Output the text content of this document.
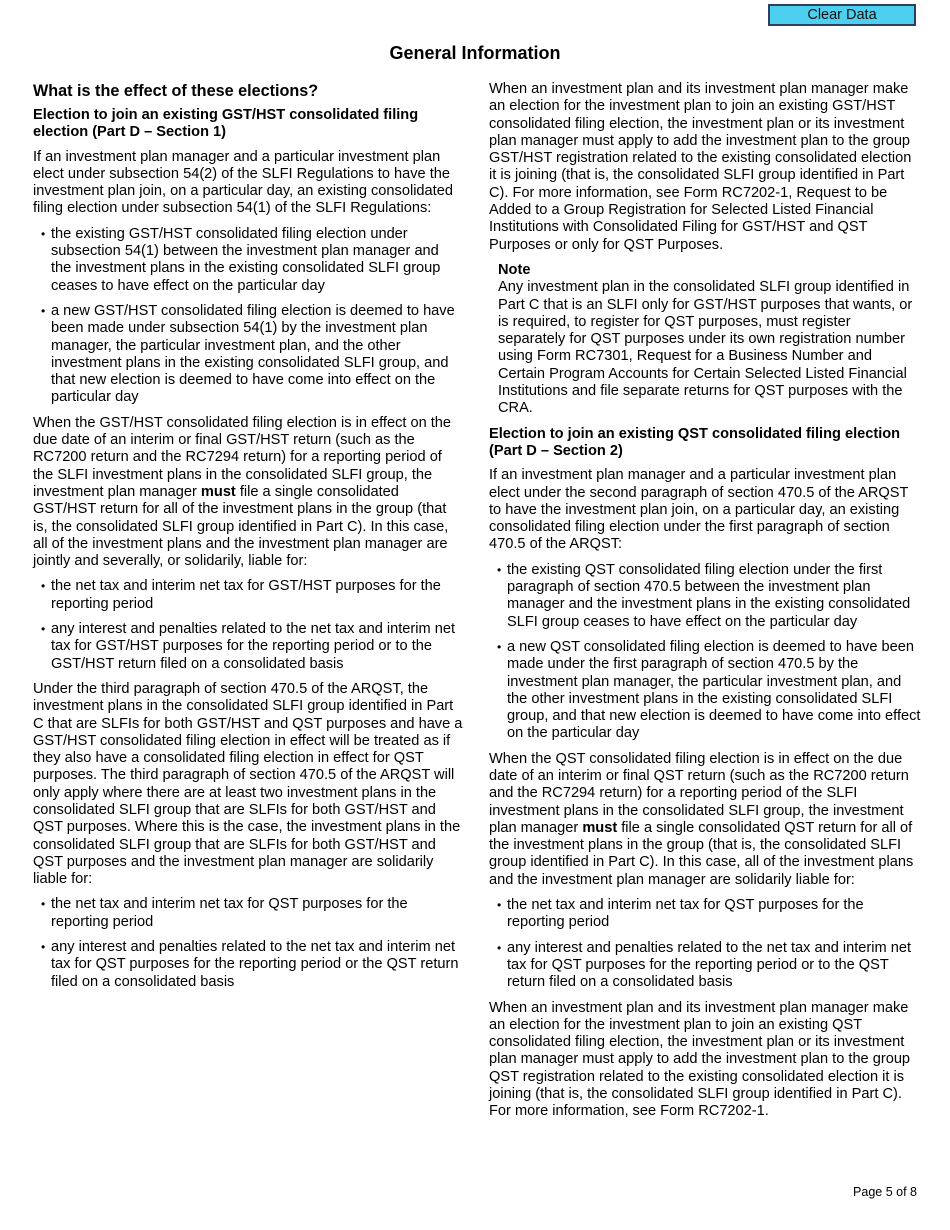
Clear Data
General Information
What is the effect of these elections?
Election to join an existing GST/HST consolidated filing election (Part D – Section 1)

If an investment plan manager and a particular investment plan elect under subsection 54(2) of the SLFI Regulations to have the investment plan join, on a particular day, an existing consolidated filing election under subsection 54(1) of the SLFI Regulations:

• the existing GST/HST consolidated filing election under subsection 54(1) between the investment plan manager and the investment plans in the existing consolidated SLFI group ceases to have effect on the particular day
• a new GST/HST consolidated filing election is deemed to have been made under subsection 54(1) by the investment plan manager, the particular investment plan, and the other investment plans in the existing consolidated SLFI group, and that new election is deemed to have come into effect on the particular day

When the GST/HST consolidated filing election is in effect on the due date of an interim or final GST/HST return (such as the RC7200 return and the RC7294 return) for a reporting period of the SLFI investment plans in the consolidated SLFI group, the investment plan manager must file a single consolidated GST/HST return for all of the investment plans in the group (that is, the consolidated SLFI group identified in Part C). In this case, all of the investment plans and the investment plan manager are jointly and severally, or solidarily, liable for:

• the net tax and interim net tax for GST/HST purposes for the reporting period
• any interest and penalties related to the net tax and interim net tax for GST/HST purposes for the reporting period or to the GST/HST return filed on a consolidated basis

Under the third paragraph of section 470.5 of the ARQST, the investment plans in the consolidated SLFI group identified in Part C that are SLFIs for both GST/HST and QST purposes and have a GST/HST consolidated filing election in effect will be treated as if they also have a consolidated filing election in effect for QST purposes. The third paragraph of section 470.5 of the ARQST will only apply where there are at least two investment plans in the consolidated SLFI group that are SLFIs for both GST/HST and QST purposes. Where this is the case, the investment plans in the consolidated SLFI group that are SLFIs for both GST/HST and QST purposes and the investment plan manager are solidarily liable for:

• the net tax and interim net tax for QST purposes for the reporting period
• any interest and penalties related to the net tax and interim net tax for QST purposes for the reporting period or the QST return filed on a consolidated basis

When an investment plan and its investment plan manager make an election for the investment plan to join an existing GST/HST consolidated filing election, the investment plan or its investment plan manager must apply to add the investment plan to the group GST/HST registration related to the existing consolidated election it is joining (that is, the consolidated SLFI group identified in Part C). For more information, see Form RC7202-1, Request to be Added to a Group Registration for Selected Listed Financial Institutions with Consolidated Filing for GST/HST and QST Purposes or only for QST Purposes.

Note

Any investment plan in the consolidated SLFI group identified in Part C that is an SLFI only for GST/HST purposes that wants, or is required, to register for QST purposes, must register separately for QST purposes under its own registration number using Form RC7301, Request for a Business Number and Certain Program Accounts for Certain Selected Listed Financial Institutions and file separate returns for QST purposes with the CRA.

Election to join an existing QST consolidated filing election (Part D – Section 2)

If an investment plan manager and a particular investment plan elect under the second paragraph of section 470.5 of the ARQST to have the investment plan join, on a particular day, an existing consolidated filing election under the first paragraph of section 470.5 of the ARQST:

• the existing QST consolidated filing election under the first paragraph of section 470.5 between the investment plan manager and the investment plans in the existing consolidated SLFI group ceases to have effect on the particular day
• a new QST consolidated filing election is deemed to have been made under the first paragraph of section 470.5 by the investment plan manager, the particular investment plan, and the other investment plans in the existing consolidated SLFI group, and that new election is deemed to have come into effect on the particular day

When the QST consolidated filing election is in effect on the due date of an interim or final QST return (such as the RC7200 return and the RC7294 return) for a reporting period of the SLFI investment plans in the consolidated SLFI group, the investment plan manager must file a single consolidated QST return for all of the investment plans in the group (that is, the consolidated SLFI group identified in Part C). In this case, all of the investment plans and the investment plan manager are solidarily liable for:

• the net tax and interim net tax for QST purposes for the reporting period
• any interest and penalties related to the net tax and interim net tax for QST purposes for the reporting period or to the QST return filed on a consolidated basis

When an investment plan and its investment plan manager make an election for the investment plan to join an existing QST consolidated filing election, the investment plan or its investment plan manager must apply to add the investment plan to the group QST registration related to the existing consolidated election it is joining (that is, the consolidated SLFI group identified in Part C). For more information, see Form RC7202-1.

Page 5 of 8
